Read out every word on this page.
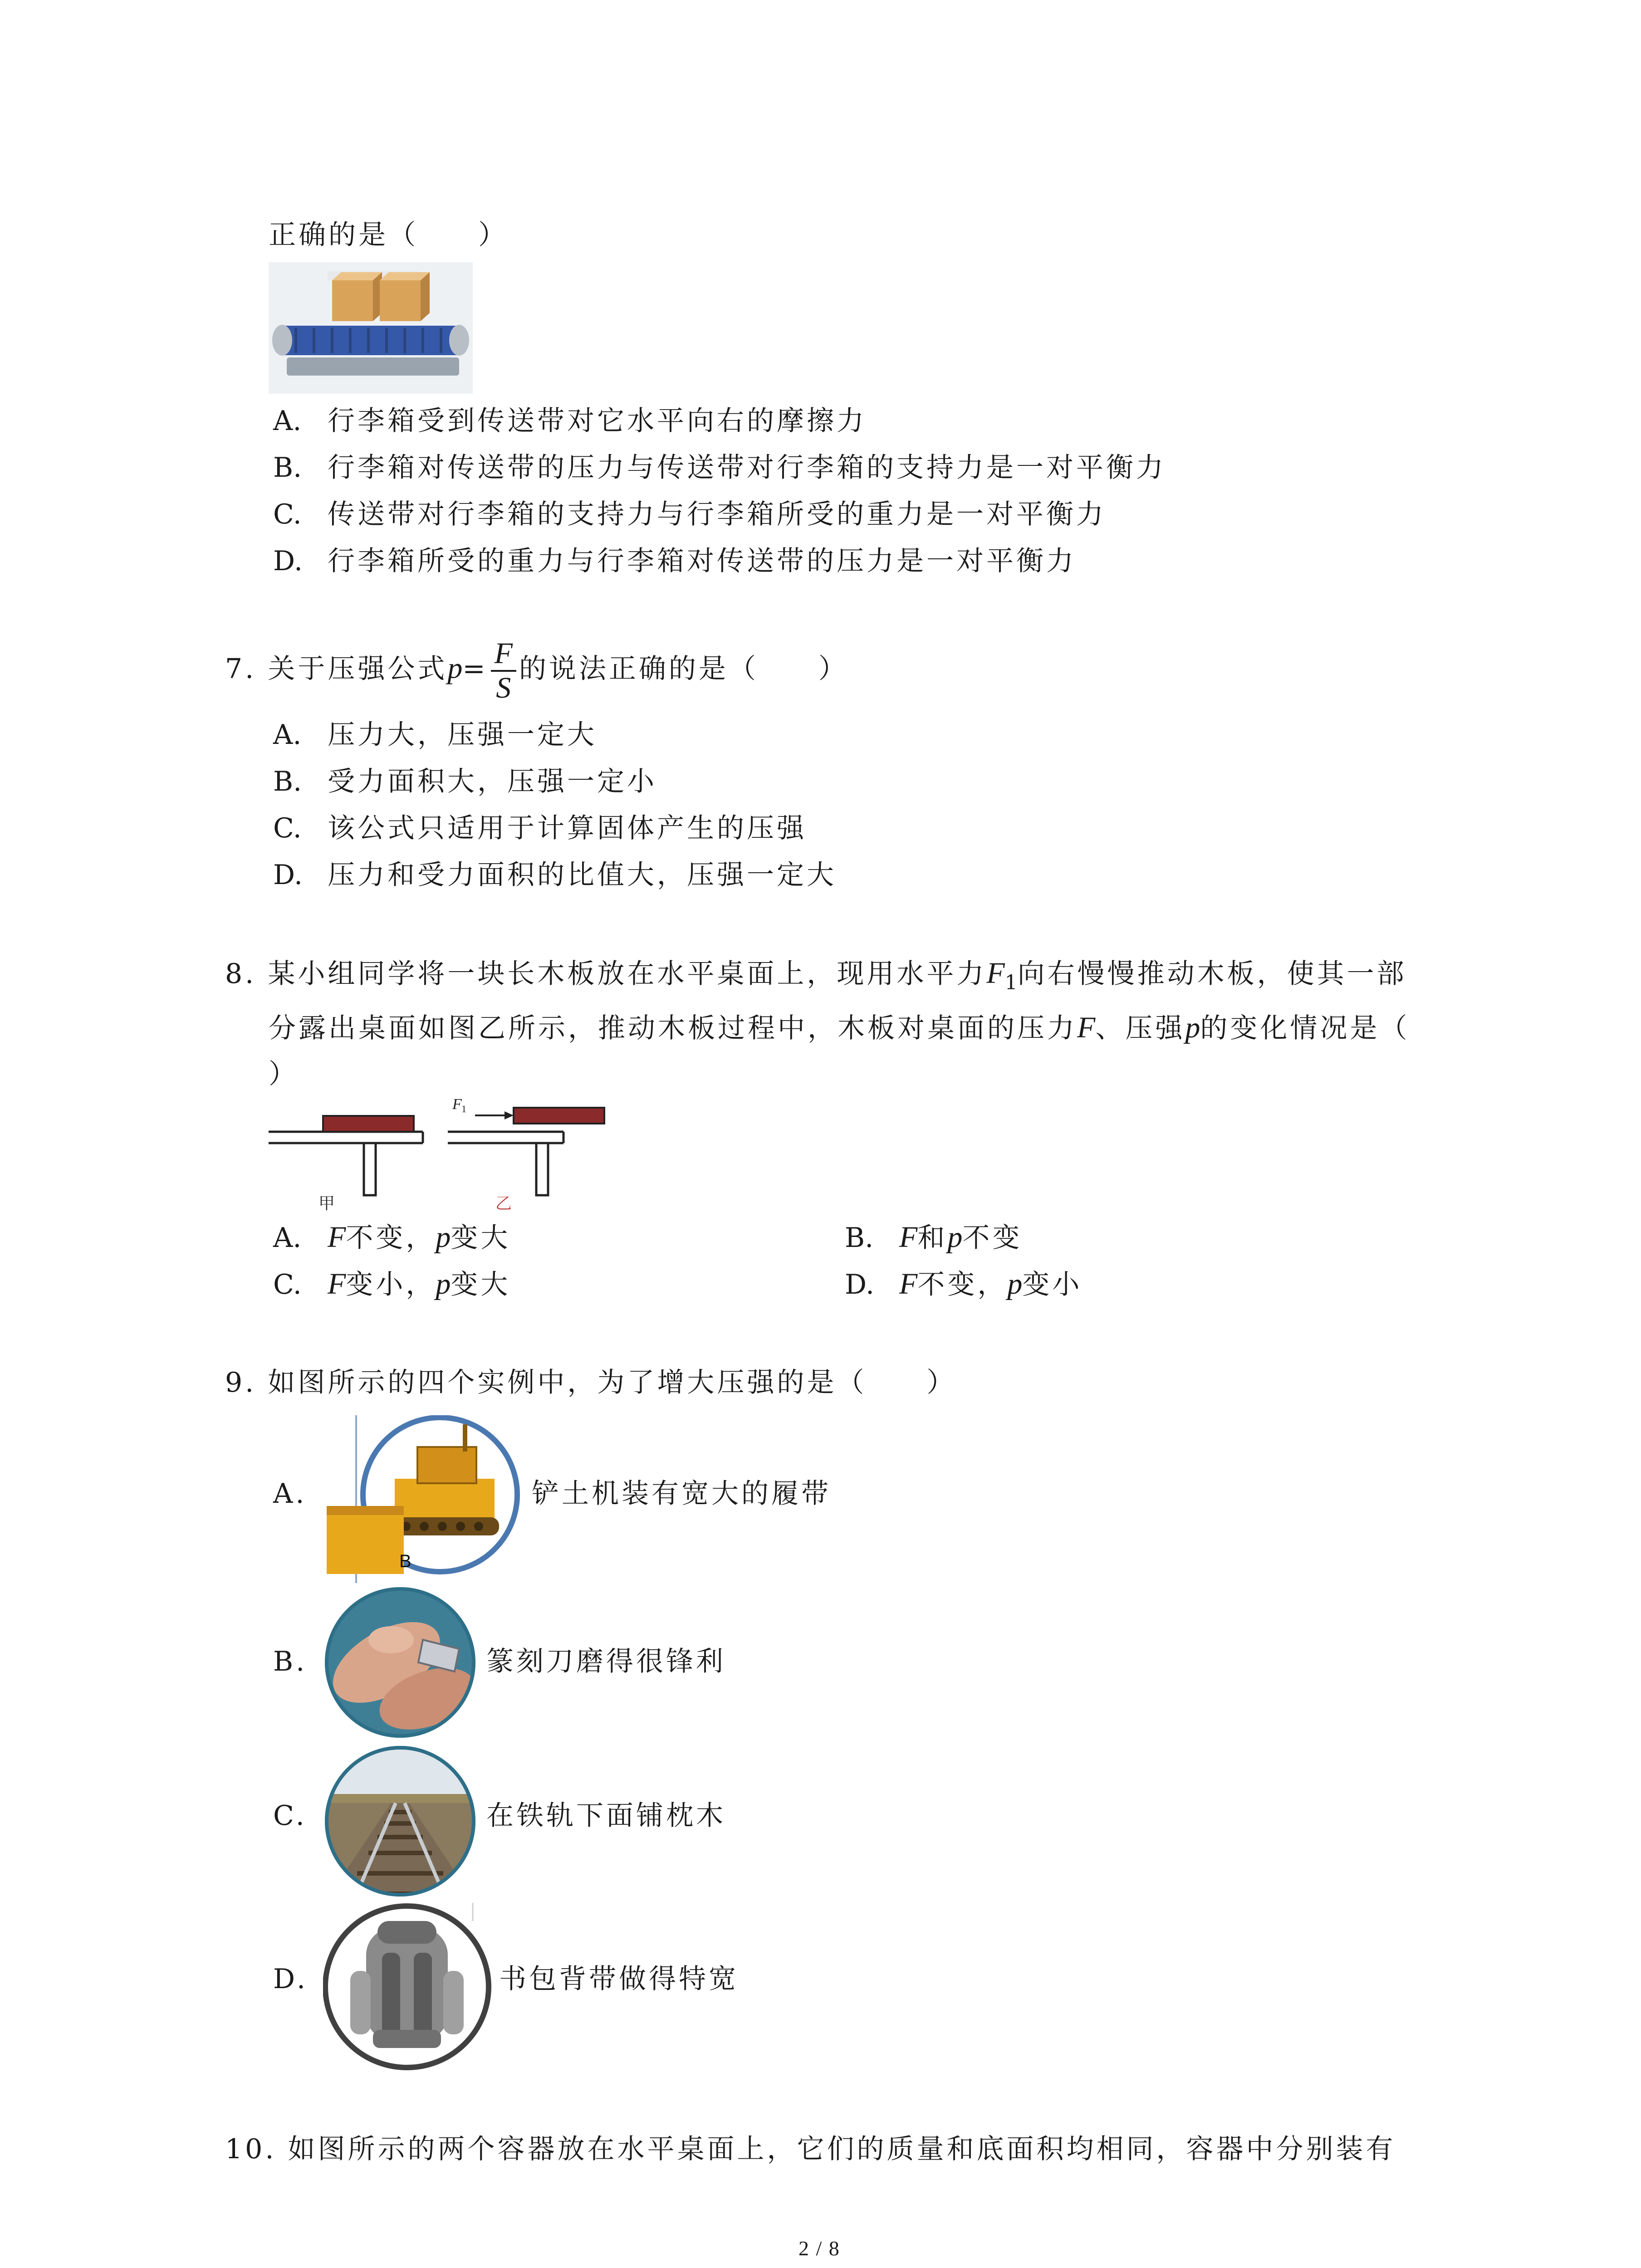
正确的是（　　）
A. 行李箱受到传送带对它水平向右的摩擦力
B. 行李箱对传送带的压力与传送带对行李箱的支持力是一对平衡力
C. 传送带对行李箱的支持力与行李箱所受的重力是一对平衡力
D. 行李箱所受的重力与行李箱对传送带的压力是一对平衡力
7. 关于压强公式$p= \frac{F}{S}$ 的说法正确的是（　　）
A. 压力大，压强一定大
B. 受力面积大，压强一定小
C. 该公式只适用于计算固体产生的压强
D. 压力和受力面积的比值大，压强一定大
8. 某小组同学将一块长木板放在水平桌面上，现用水平力$F_1$向右慢慢推动木板，使其一部
分露出桌面如图乙所示，推动木板过程中，木板对桌面的压力F、压强p的变化情况是（
）
F 1
甲	乙
A. F不变，p变大	B. F和p不变
C. F变小，p变大	D. F不变，p变小
9. 如图所示的四个实例中，为了增大压强的是（　　）
A.
B
铲土机装有宽大的履带
B.	篆刻刀磨得很锋利
C.	在铁轨下面铺枕木
D.	书包背带做得特宽
10. 如图所示的两个容器放在水平桌面上，它们的质量和底面积均相同，容器中分别装有
2 / 8
